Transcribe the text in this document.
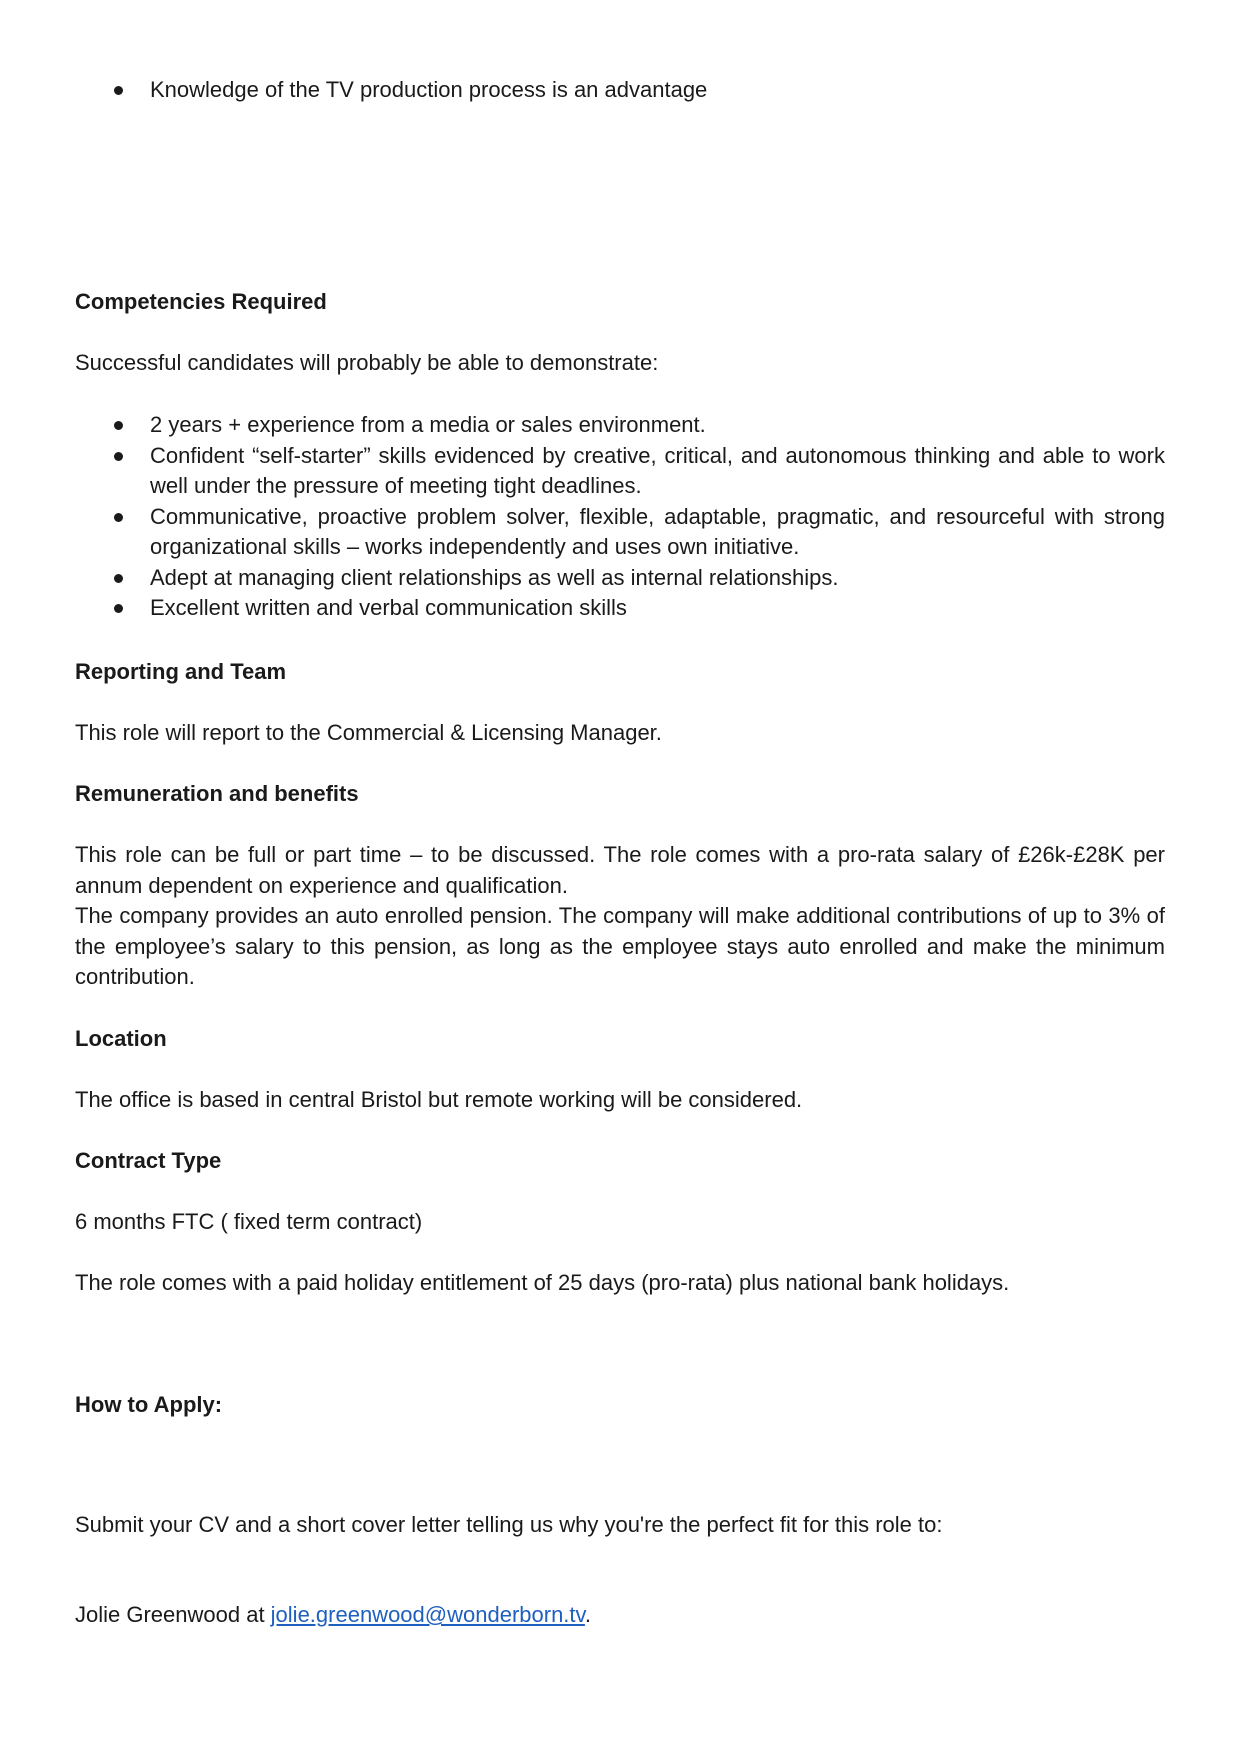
Knowledge of the TV production process is an advantage
Competencies Required
Successful candidates will probably be able to demonstrate:
2 years + experience from a media or sales environment.
Confident “self-starter” skills evidenced by creative, critical, and autonomous thinking and able to work well under the pressure of meeting tight deadlines.
Communicative, proactive problem solver, flexible, adaptable, pragmatic, and resourceful with strong organizational skills – works independently and uses own initiative.
Adept at managing client relationships as well as internal relationships.
Excellent written and verbal communication skills
Reporting and Team
This role will report to the Commercial & Licensing Manager.
Remuneration and benefits
This role can be full or part time – to be discussed. The role comes with a pro-rata salary of £26k-£28K per annum dependent on experience and qualification.
The company provides an auto enrolled pension. The company will make additional contributions of up to 3% of the employee’s salary to this pension, as long as the employee stays auto enrolled and make the minimum contribution.
Location
The office is based in central Bristol but remote working will be considered.
Contract Type
6 months FTC ( fixed term contract)
The role comes with a paid holiday entitlement of 25 days (pro-rata) plus national bank holidays.
How to Apply:
Submit your CV and a short cover letter telling us why you're the perfect fit for this role to:
Jolie Greenwood at jolie.greenwood@wonderborn.tv.
